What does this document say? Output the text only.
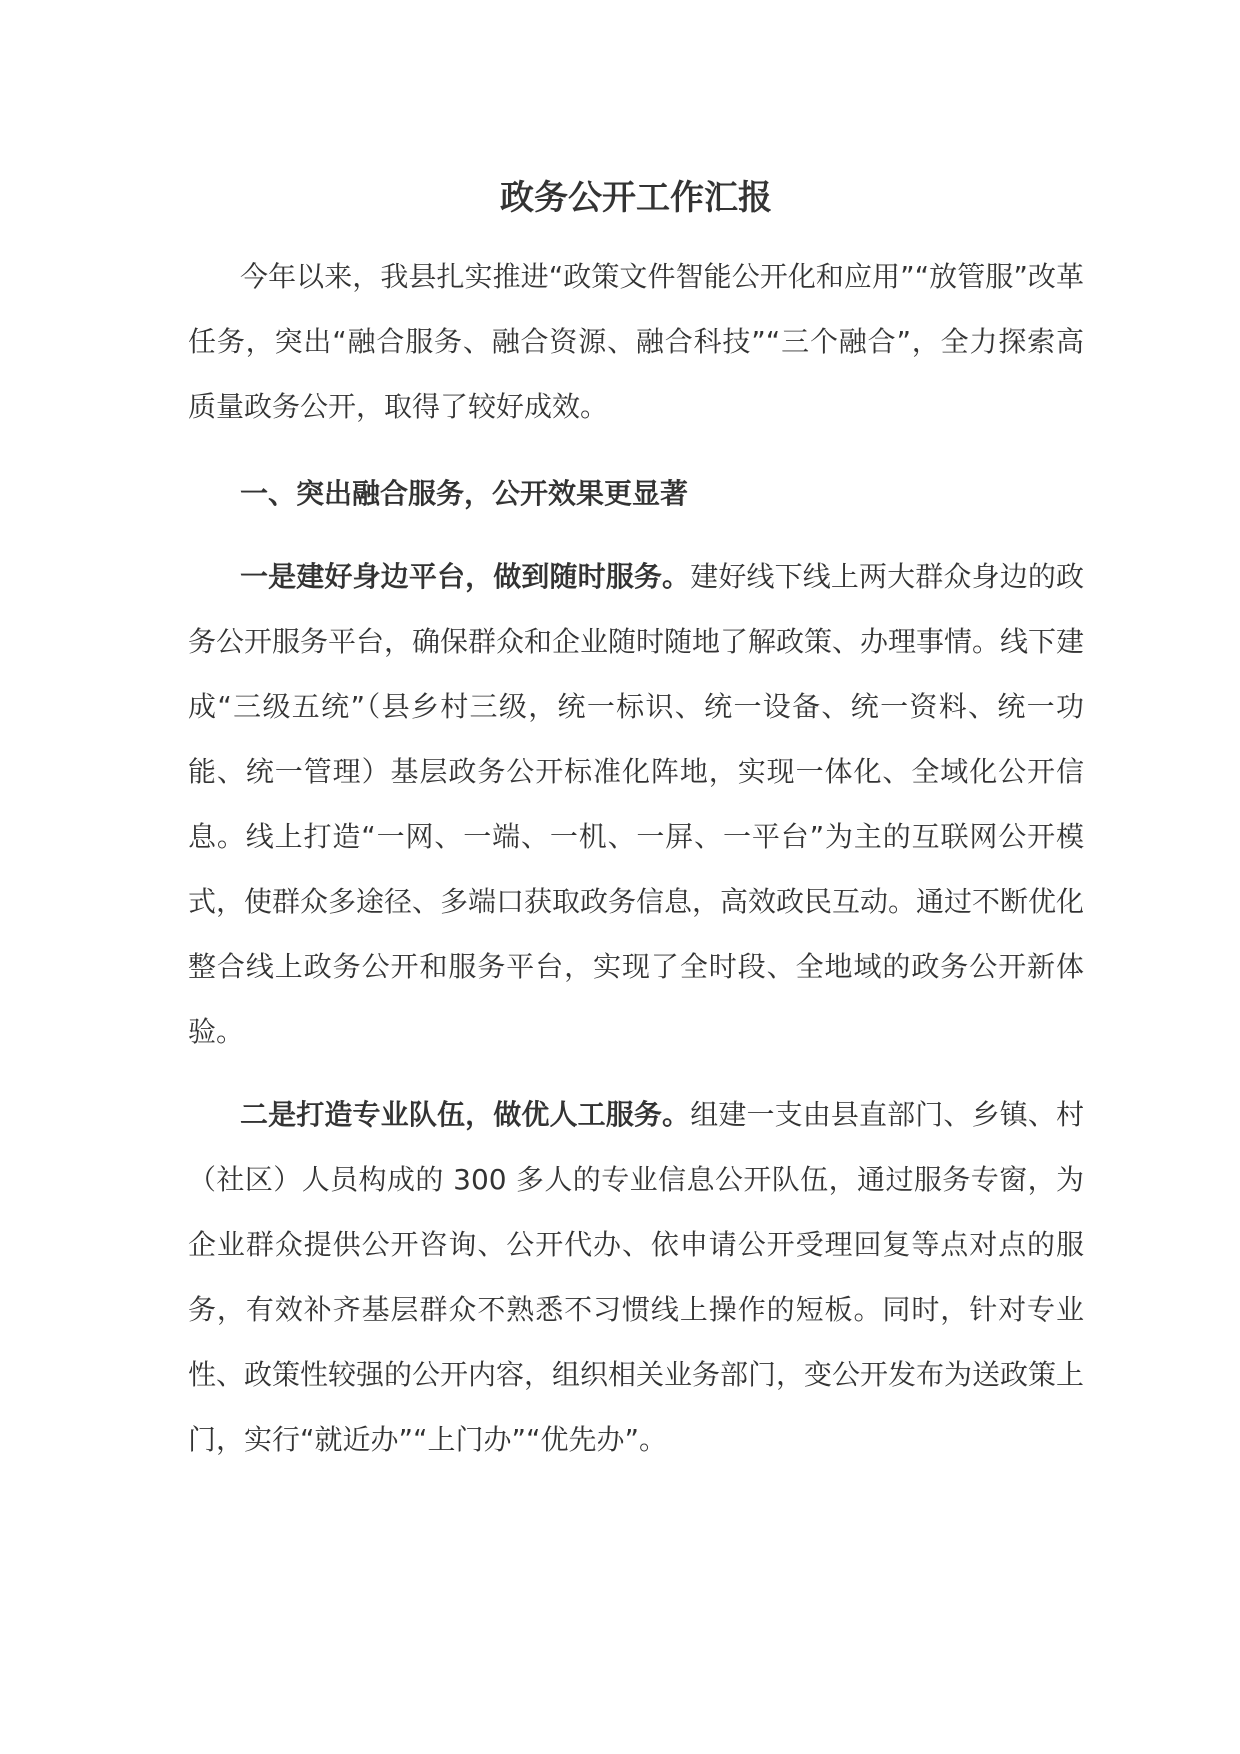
政务公开工作汇报

今年以来，我县扎实推进“政策文件智能公开化和应用”“放管服”改革任务，突出“融合服务、融合资源、融合科技”“三个融合”，全力探索高质量政务公开，取得了较好成效。

一、突出融合服务，公开效果更显著

一是建好身边平台，做到随时服务。建好线下线上两大群众身边的政务公开服务平台，确保群众和企业随时随地了解政策、办理事情。线下建成“三级五统”（县乡村三级，统一标识、统一设备、统一资料、统一功能、统一管理）基层政务公开标准化阵地，实现一体化、全域化公开信息。线上打造“一网、一端、一机、一屏、一平台”为主的互联网公开模式，使群众多途径、多端口获取政务信息，高效政民互动。通过不断优化整合线上政务公开和服务平台，实现了全时段、全地域的政务公开新体验。

二是打造专业队伍，做优人工服务。组建一支由县直部门、乡镇、村（社区）人员构成的 300 多人的专业信息公开队伍，通过服务专窗，为企业群众提供公开咨询、公开代办、依申请公开受理回复等点对点的服务，有效补齐基层群众不熟悉不习惯线上操作的短板。同时，针对专业性、政策性较强的公开内容，组织相关业务部门，变公开发布为送政策上门，实行“就近办”“上门办”“优先办”。
